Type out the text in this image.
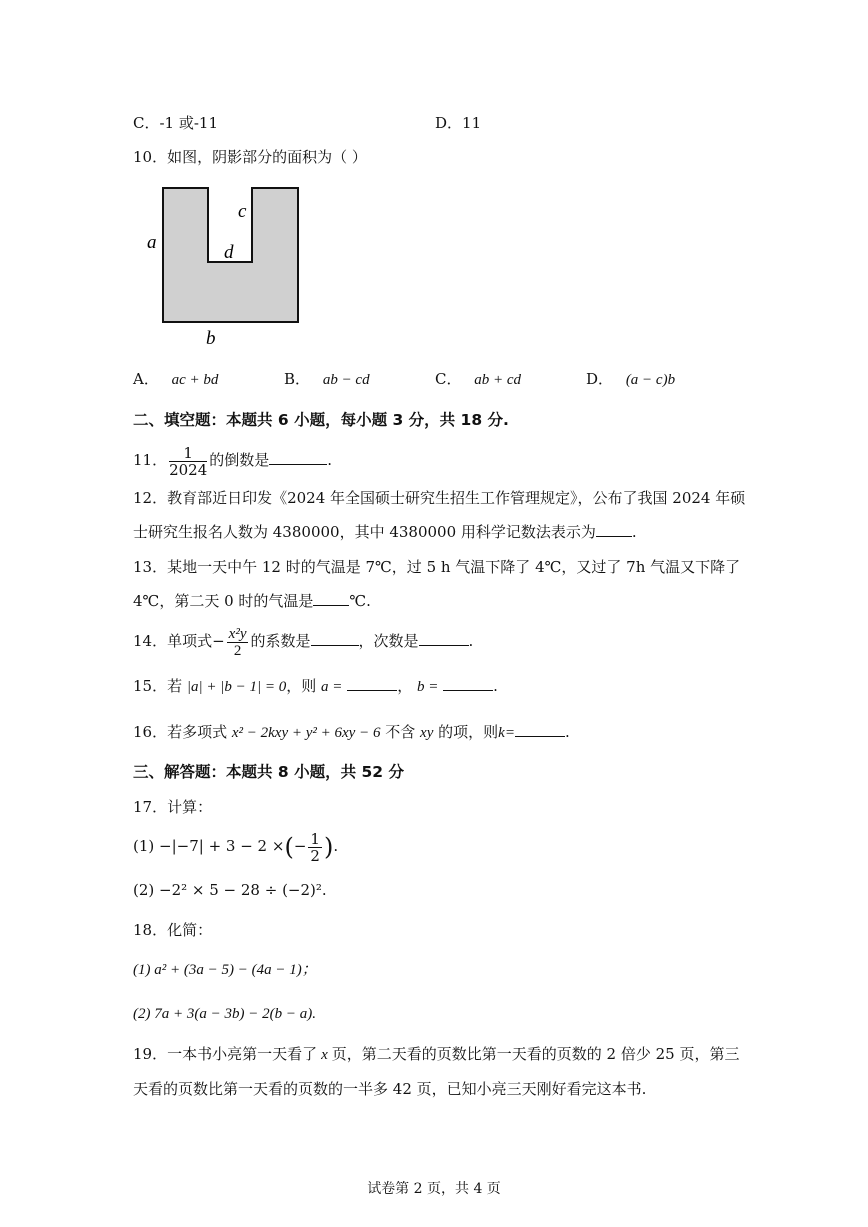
C．-1 或-11	D．11
10．如图，阴影部分的面积为（ ）
a
c
d
b
A． ac + bd	B． ab − cd	C． ab + cd	D． (a − c)b
二、填空题：本题共 6 小题，每小题 3 分，共 18 分.
11． $\frac{1}{2024}$ 的倒数是	.
12．教育部近日印发《2024 年全国硕士研究生招生工作管理规定》，公布了我国 2024 年硕
士研究生报名人数为 4380000，其中 4380000 用科学记数法表示为 .
13．某地一天中午 12 时的气温是 7℃，过 5 h 气温下降了 4℃，又过了 7h 气温又下降了
4℃，第二天 0 时的气温是 ℃.
14．单项式− $\frac{\text{x²y}}{2}$ 的系数是	，次数是	.
15．若 |a| + |b − 1| = 0，则 a =	， b =	.
16．若多项式 x² − 2kxy + y² + 6xy − 6 不含 xy 的项，则k=	.
三、解答题：本题共 8 小题，共 52 分
17．计算：
(1) −|−7| + 3 − 2 ×(− $\frac{1}{2}$ ).
(2) −2² × 5 − 28 ÷ (−2)².
18．化简：
(1) a² + (3a − 5) − (4a − 1)；
(2) 7a + 3(a − 3b) − 2(b − a).
19．一本书小亮第一天看了 x 页，第二天看的页数比第一天看的页数的 2 倍少 25 页，第三
天看的页数比第一天看的页数的一半多 42 页，已知小亮三天刚好看完这本书.
试卷第 2 页，共 4 页
